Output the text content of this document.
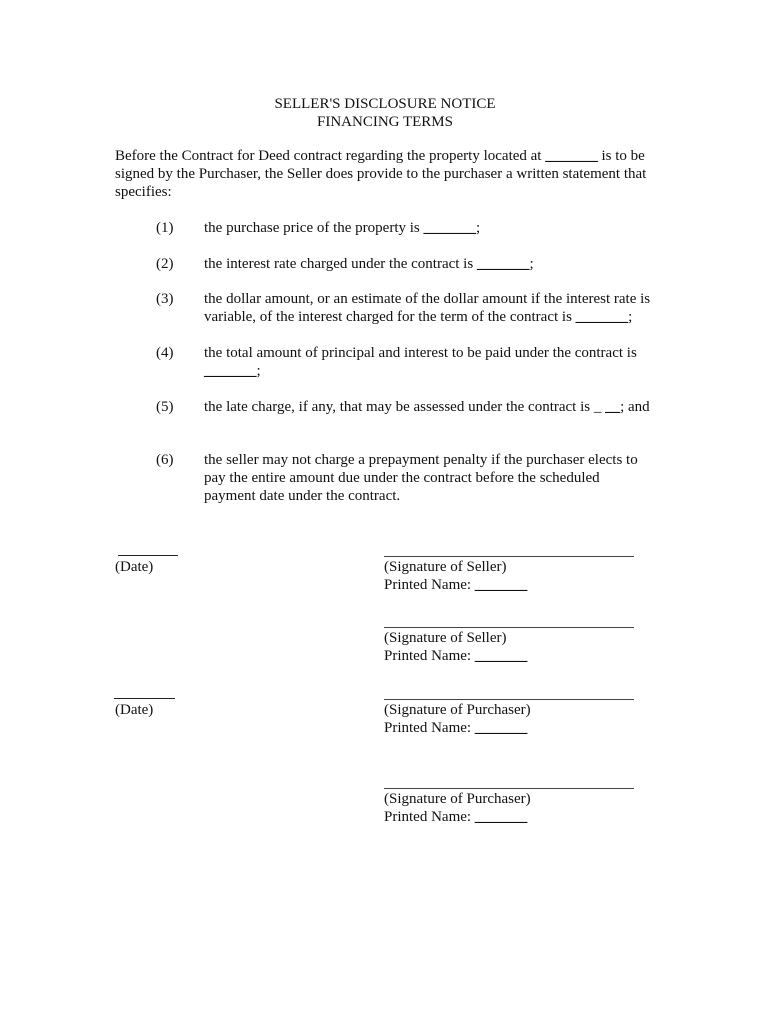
SELLER'S DISCLOSURE NOTICE
FINANCING TERMS
Before the Contract for Deed contract regarding the property located at _______ is to be signed by the Purchaser, the Seller does provide to the purchaser a written statement that specifies:
(1) the purchase price of the property is _______;
(2) the interest rate charged under the contract is _______;
(3) the dollar amount, or an estimate of the dollar amount if the interest rate is variable, of the interest charged for the term of the contract is _______;
(4) the total amount of principal and interest to be paid under the contract is _______;
(5) the late charge, if any, that may be assessed under the contract is _ __; and
(6) the seller may not charge a prepayment penalty if the purchaser elects to pay the entire amount due under the contract before the scheduled payment date under the contract.
(Date)
(Date)
(Signature of Seller)
Printed Name: _______
(Signature of Seller)
Printed Name: _______
(Signature of Purchaser)
Printed Name: _______
(Signature of Purchaser)
Printed Name: _______
